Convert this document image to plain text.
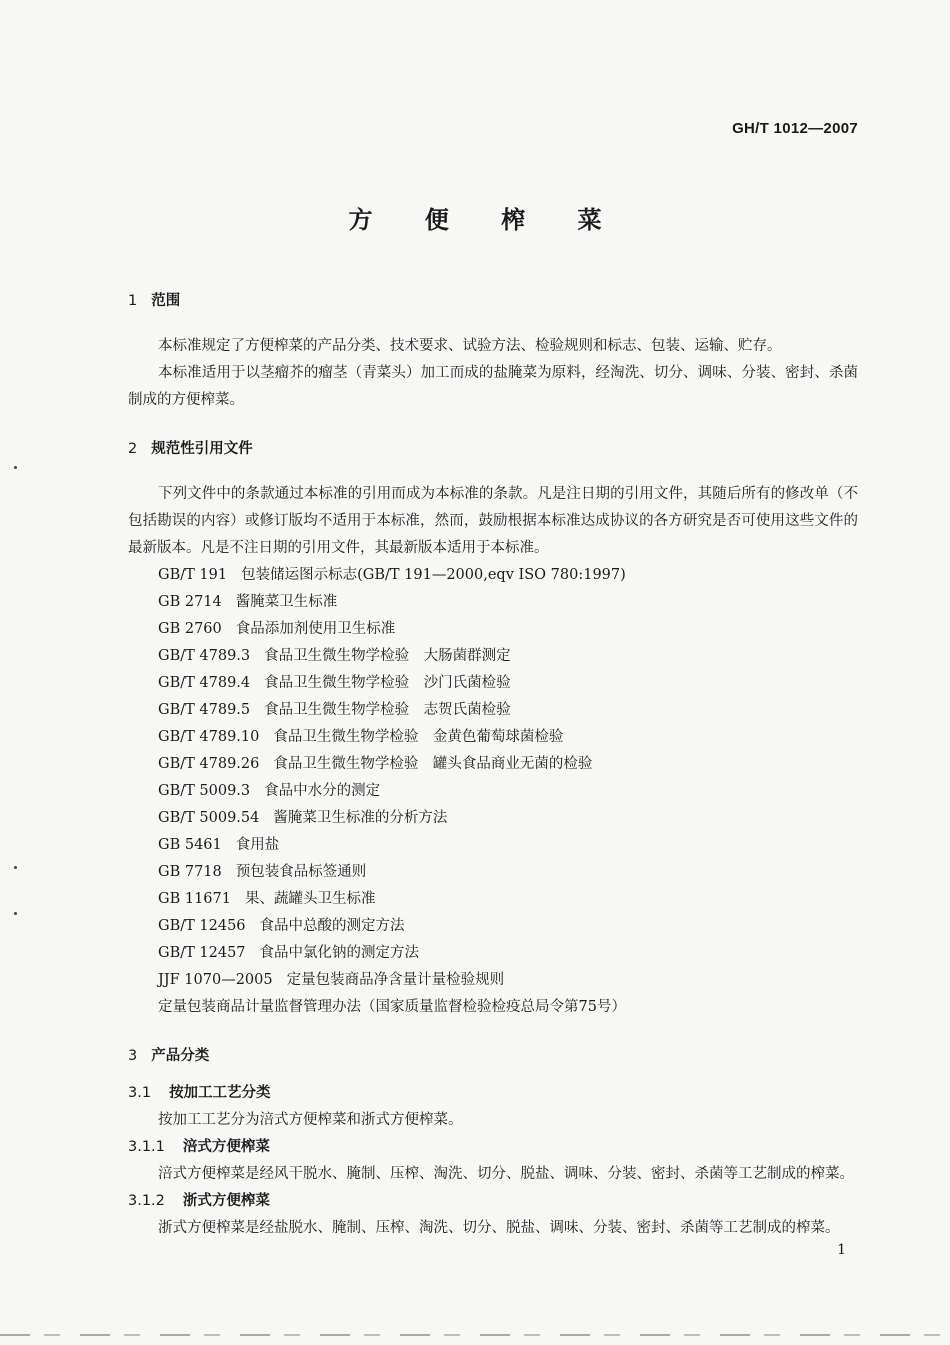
GH/T 1012—2007
方 便 榨 菜
1 范围
本标准规定了方便榨菜的产品分类、技术要求、试验方法、检验规则和标志、包装、运输、贮存。
本标准适用于以茎瘤芥的瘤茎（青菜头）加工而成的盐腌菜为原料，经淘洗、切分、调味、分装、密封、杀菌制成的方便榨菜。
2 规范性引用文件
下列文件中的条款通过本标准的引用而成为本标准的条款。凡是注日期的引用文件，其随后所有的修改单（不包括勘误的内容）或修订版均不适用于本标准，然而，鼓励根据本标准达成协议的各方研究是否可使用这些文件的最新版本。凡是不注日期的引用文件，其最新版本适用于本标准。
GB/T 191 包装储运图示标志(GB/T 191—2000,eqv ISO 780:1997)
GB 2714 酱腌菜卫生标准
GB 2760 食品添加剂使用卫生标准
GB/T 4789.3 食品卫生微生物学检验　大肠菌群测定
GB/T 4789.4 食品卫生微生物学检验　沙门氏菌检验
GB/T 4789.5 食品卫生微生物学检验　志贺氏菌检验
GB/T 4789.10 食品卫生微生物学检验　金黄色葡萄球菌检验
GB/T 4789.26 食品卫生微生物学检验　罐头食品商业无菌的检验
GB/T 5009.3 食品中水分的测定
GB/T 5009.54 酱腌菜卫生标准的分析方法
GB 5461 食用盐
GB 7718 预包装食品标签通则
GB 11671 果、蔬罐头卫生标准
GB/T 12456 食品中总酸的测定方法
GB/T 12457 食品中氯化钠的测定方法
JJF 1070—2005 定量包装商品净含量计量检验规则
定量包装商品计量监督管理办法（国家质量监督检验检疫总局令第75号）
3 产品分类
3.1 按加工工艺分类
按加工工艺分为涪式方便榨菜和浙式方便榨菜。
3.1.1 涪式方便榨菜
涪式方便榨菜是经风干脱水、腌制、压榨、淘洗、切分、脱盐、调味、分装、密封、杀菌等工艺制成的榨菜。
3.1.2 浙式方便榨菜
浙式方便榨菜是经盐脱水、腌制、压榨、淘洗、切分、脱盐、调味、分装、密封、杀菌等工艺制成的榨菜。
1
